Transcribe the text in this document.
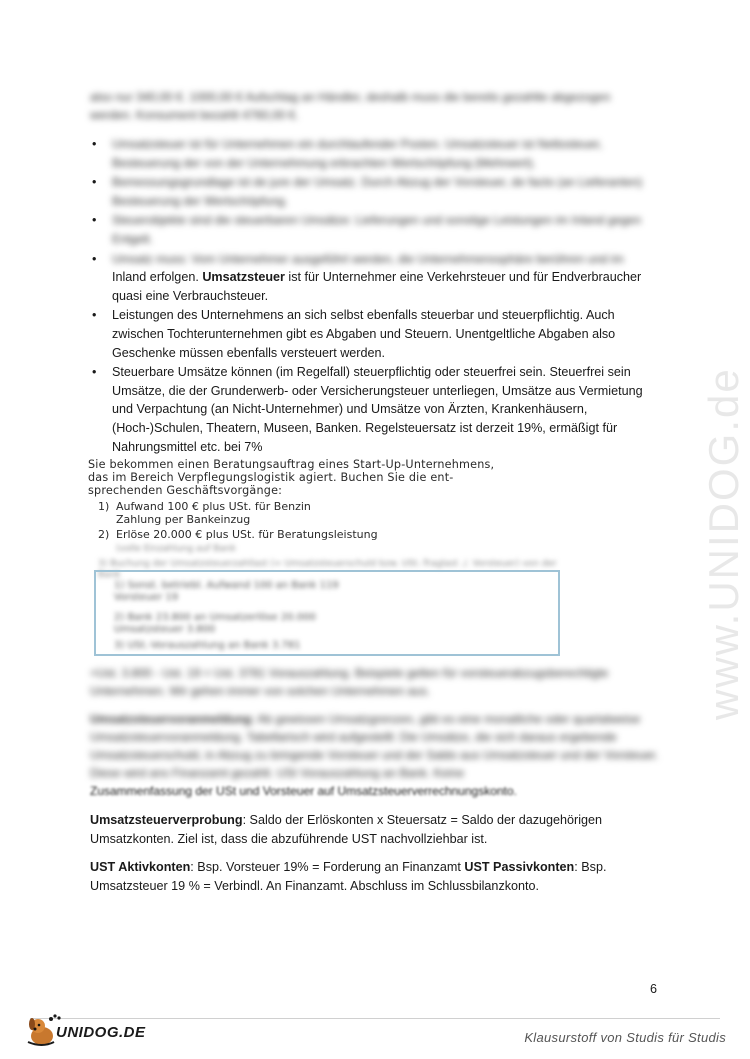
www.UNIDOG.de
also nur 340,00 €. 1000,00 € Aufschlag an Händler, deshalb muss die bereits gezahlte abgezogen
werden. Konsument bezahlt 4760,00 €.
• Umsatzsteuer ist für Unternehmen ein durchlaufender Posten. Umsatzsteuer ist Nettosteuer, Besteuerung der von der Unternehmung erbrachten Wertschöpfung (Mehrwert).
• Bemessungsgrundlage ist de jure der Umsatz. Durch Abzug der Vorsteuer, de facto (an Lieferanten) Besteuerung der Wertschöpfung.
• Steuerobjekte sind die steuerbaren Umsätze: Lieferungen und sonstige Leistungen im Inland gegen Entgelt.
• Umsatz muss: Vom Unternehmer ausgeführt werden, die Unternehmenssphäre berühren und im
Inland erfolgen. Umsatzsteuer ist für Unternehmer eine Verkehrsteuer und für Endverbraucher
quasi eine Verbrauchsteuer.
• Leistungen des Unternehmens an sich selbst ebenfalls steuerbar und steuerpflichtig. Auch zwischen Tochterunternehmen gibt es Abgaben und Steuern. Unentgeltliche Abgaben also Geschenke müssen ebenfalls versteuert werden.
• Steuerbare Umsätze können (im Regelfall) steuerpflichtig oder steuerfrei sein. Steuerfrei sein Umsätze, die der Grunderwerb- oder Versicherungsteuer unterliegen, Umsätze aus Vermietung und Verpachtung (an Nicht-Unternehmer) und Umsätze von Ärzten, Krankenhäusern, (Hoch-)Schulen, Theatern, Museen, Banken. Regelsteuersatz ist derzeit 19%, ermäßigt für Nahrungsmittel etc. bei 7%
Sie bekommen einen Beratungsauftrag eines Start-Up-Unternehmens,
das im Bereich Verpflegungslogistik agiert. Buchen Sie die ent-
sprechenden Geschäftsvorgänge:
1) Aufwand 100 € plus USt. für Benzin
Zahlung per Bankeinzug
2) Erlöse 20.000 € plus USt. für Beratungsleistung
(volle Einzahlung auf Bank
3) Buchung der Umsatzsteuerzahllast (= Umsatzsteuerschuld bzw. USt.-Traglast ./. Vorsteuer) von der Bank
1) Sonst. betriebl. Aufwand 100 an Bank 119
Vorsteuer 19
2) Bank 23.800 an Umsatzerlöse 20.000
Umsatzsteuer 3.800
3) USt.-Vorauszahlung an Bank 3.781
=Ust. 3.800 - Ust. 19 = Ust. 3781 Vorauszahlung. Beispiele gelten für vorsteuerabzugsberechtigte
Unternehmen. Wir gehen immer von solchen Unternehmen aus.
Umsatzsteuervoranmeldung: Ab gewissen Umsatzgrenzen, gibt es eine monatliche oder quartalweise Umsatzsteuervoranmeldung. Tabellarisch wird aufgestellt: Die Umsätze, die sich daraus ergebende Umsatzsteuerschuld, in Abzug zu bringende Vorsteuer und der Saldo aus Umsatzsteuer und der Vorsteuer. Diese wird ans Finanzamt gezahlt. USt Vorauszahlung an Bank. Keine
Zusammenfassung der USt und Vorsteuer auf Umsatzsteuerverrechnungskonto.
Umsatzsteuerverprobung: Saldo der Erlöskonten x Steuersatz = Saldo der dazugehörigen Umsatzkonten. Ziel ist, dass die abzuführende UST nachvollziehbar ist.
UST Aktivkonten: Bsp. Vorsteuer 19% = Forderung an Finanzamt UST Passivkonten: Bsp. Umsatzsteuer 19 % = Verbindl. An Finanzamt. Abschluss im Schlussbilanzkonto.
6
UNIDOG.DE	Klausurstoff von Studis für Studis
